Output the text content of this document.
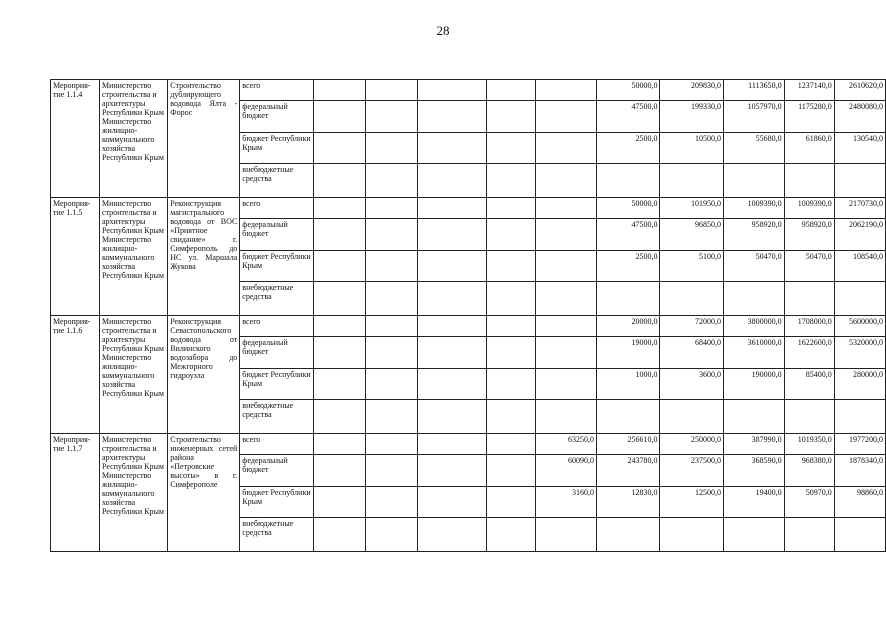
28
Мероприя-тие 1.1.4	Министерство строительства и архитектуры Республики Крым Министерство жилищно-коммунального хозяйства Республики Крым	Строительство дублирующего водовода Ялта - Форос	всего						50000,0	209830,0	1113650,0	1237140,0	2610620,0
			федеральный бюджет						47500,0	199330,0	1057970,0	1175280,0	2480080,0
			бюджет Республики Крым						2500,0	10500,0	55680,0	61860,0	130540,0
			внебюджетные средства										
Мероприя-тие 1.1.5	Министерство строительства и архитектуры Республики Крым Министерство жилищно-коммунального хозяйства Республики Крым	Реконструкция магистрального водовода от ВОС «Приятное свидание» г. Симферополь до НС ул. Маршала Жукова	всего						50000,0	101950,0	1009390,0	1009390,0	2170730,0
			федеральный бюджет						47500,0	96850,0	958920,0	958920,0	2062190,0
			бюджет Республики Крым						2500,0	5100,0	50470,0	50470,0	108540,0
			внебюджетные средства										
Мероприя-тие 1.1.6	Министерство строительства и архитектуры Республики Крым Министерство жилищно-коммунального хозяйства Республики Крым	Реконструкция Севастопольского водовода от Вилинского водозабора до Межгорного гидроузла	всего						20000,0	72000,0	3800000,0	1708000,0	5600000,0
			федеральный бюджет						19000,0	68400,0	3610000,0	1622600,0	5320000,0
			бюджет Республики Крым						1000,0	3600,0	190000,0	85400,0	280000,0
			внебюджетные средства										
Мероприя-тие 1.1.7	Министерство строительства и архитектуры Республики Крым Министерство жилищно-коммунального хозяйства Республики Крым	Строительство инженерных сетей района «Петровские высоты» в г. Симферополе	всего					63250,0	256610,0	250000,0	387990,0	1019350,0	1977200,0
			федеральный бюджет					60090,0	243780,0	237500,0	368590,0	968380,0	1878340,0
			бюджет Республики Крым					3160,0	12830,0	12500,0	19400,0	50970,0	98860,0
			внебюджетные средства										
